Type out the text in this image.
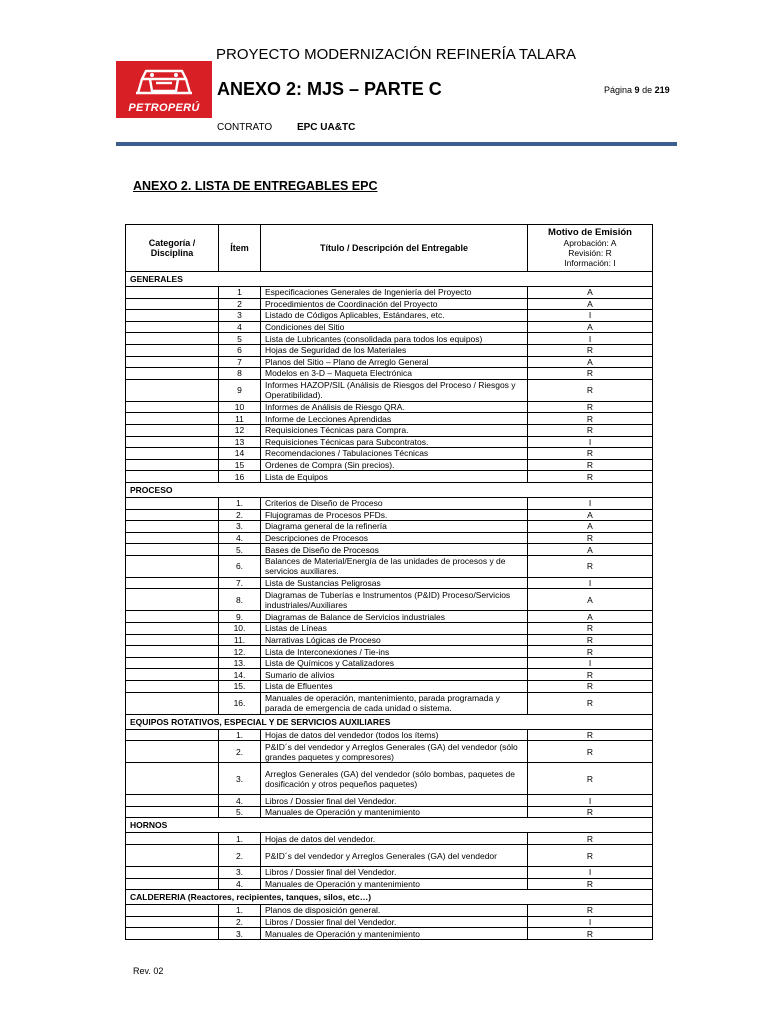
PROYECTO MODERNIZACIÓN REFINERÍA TALARA
PETROPERÚ
ANEXO 2: MJS – PARTE C	Página 9 de 219
CONTRATO EPC UA&TC
ANEXO 2. LISTA DE ENTREGABLES EPC
Categoría / Disciplina	Ítem	Título / Descripción del Entregable	Motivo de Emisión
Aprobación: A
Revisión: R
Información: I

GENERALES			
	1	Especificaciones Generales de Ingeniería del Proyecto	A
	2	Procedimientos de Coordinación del Proyecto	A
	3	Listado de Códigos Aplicables, Estándares, etc.	I
	4	Condiciones del Sitio	A
	5	Lista de Lubricantes (consolidada para todos los equipos)	I
	6	Hojas de Seguridad de los Materiales	R
	7	Planos del Sitio – Plano de Arreglo General	A
	8	Modelos en 3-D – Maqueta Electrónica	R
	9	Informes HAZOP/SIL (Análisis de Riesgos del Proceso / Riesgos y Operatibilidad).	R
	10	Informes de Análisis de Riesgo QRA.	R
	11	Informe de Lecciones Aprendidas	R
	12	Requisiciones Técnicas para Compra.	R
	13	Requisiciones Técnicas para Subcontratos.	I
	14	Recomendaciones / Tabulaciones Técnicas	R
	15	Ordenes de Compra (Sin precios).	R
	16	Lista de Equipos	R
PROCESO			
	1.	Criterios de Diseño de Proceso	I
	2.	Flujogramas de Procesos PFDs.	A
	3.	Diagrama general de la refinería	A
	4.	Descripciones de Procesos	R
	5.	Bases de Diseño de Procesos	A
	6.	Balances de Material/Energía de las unidades de procesos y de servicios auxiliares.	R
	7.	Lista de Sustancias Peligrosas	I
	8.	Diagramas de Tuberías e Instrumentos (P&ID) Proceso/Servicios industriales/Auxiliares	A
	9.	Diagramas de Balance de Servicios industriales	A
	10.	Listas de Líneas	R
	11.	Narrativas Lógicas de Proceso	R
	12.	Lista de Interconexiones / Tie-ins	R
	13.	Lista de Químicos y Catalizadores	I
	14.	Sumario de alivios	R
	15.	Lista de Efluentes	R
	16.	Manuales de operación, mantenimiento, parada programada y parada de emergencia de cada unidad o sistema.	R
EQUIPOS ROTATIVOS, ESPECIAL Y DE SERVICIOS AUXILIARES			
	1.	Hojas de datos del vendedor (todos los ítems)	R
	2.	P&ID´s del vendedor y Arreglos Generales (GA) del vendedor (sólo grandes paquetes y compresores)	R
	3.	Arreglos Generales (GA) del vendedor (sólo bombas, paquetes de dosificación y otros pequeños paquetes)	R
	4.	Libros / Dossier final del Vendedor.	I
	5.	Manuales de Operación y mantenimiento	R
HORNOS			
	1.	Hojas de datos del vendedor.	R
	2.	P&ID´s del vendedor y Arreglos Generales (GA) del vendedor	R
	3.	Libros / Dossier final del Vendedor.	I
	4.	Manuales de Operación y mantenimiento	R
CALDERERIA (Reactores, recipientes, tanques, silos, etc…)			
	1.	Planos de disposición general.	R
	2.	Libros / Dossier final del Vendedor.	I
	3.	Manuales de Operación y mantenimiento	R
Rev. 02
